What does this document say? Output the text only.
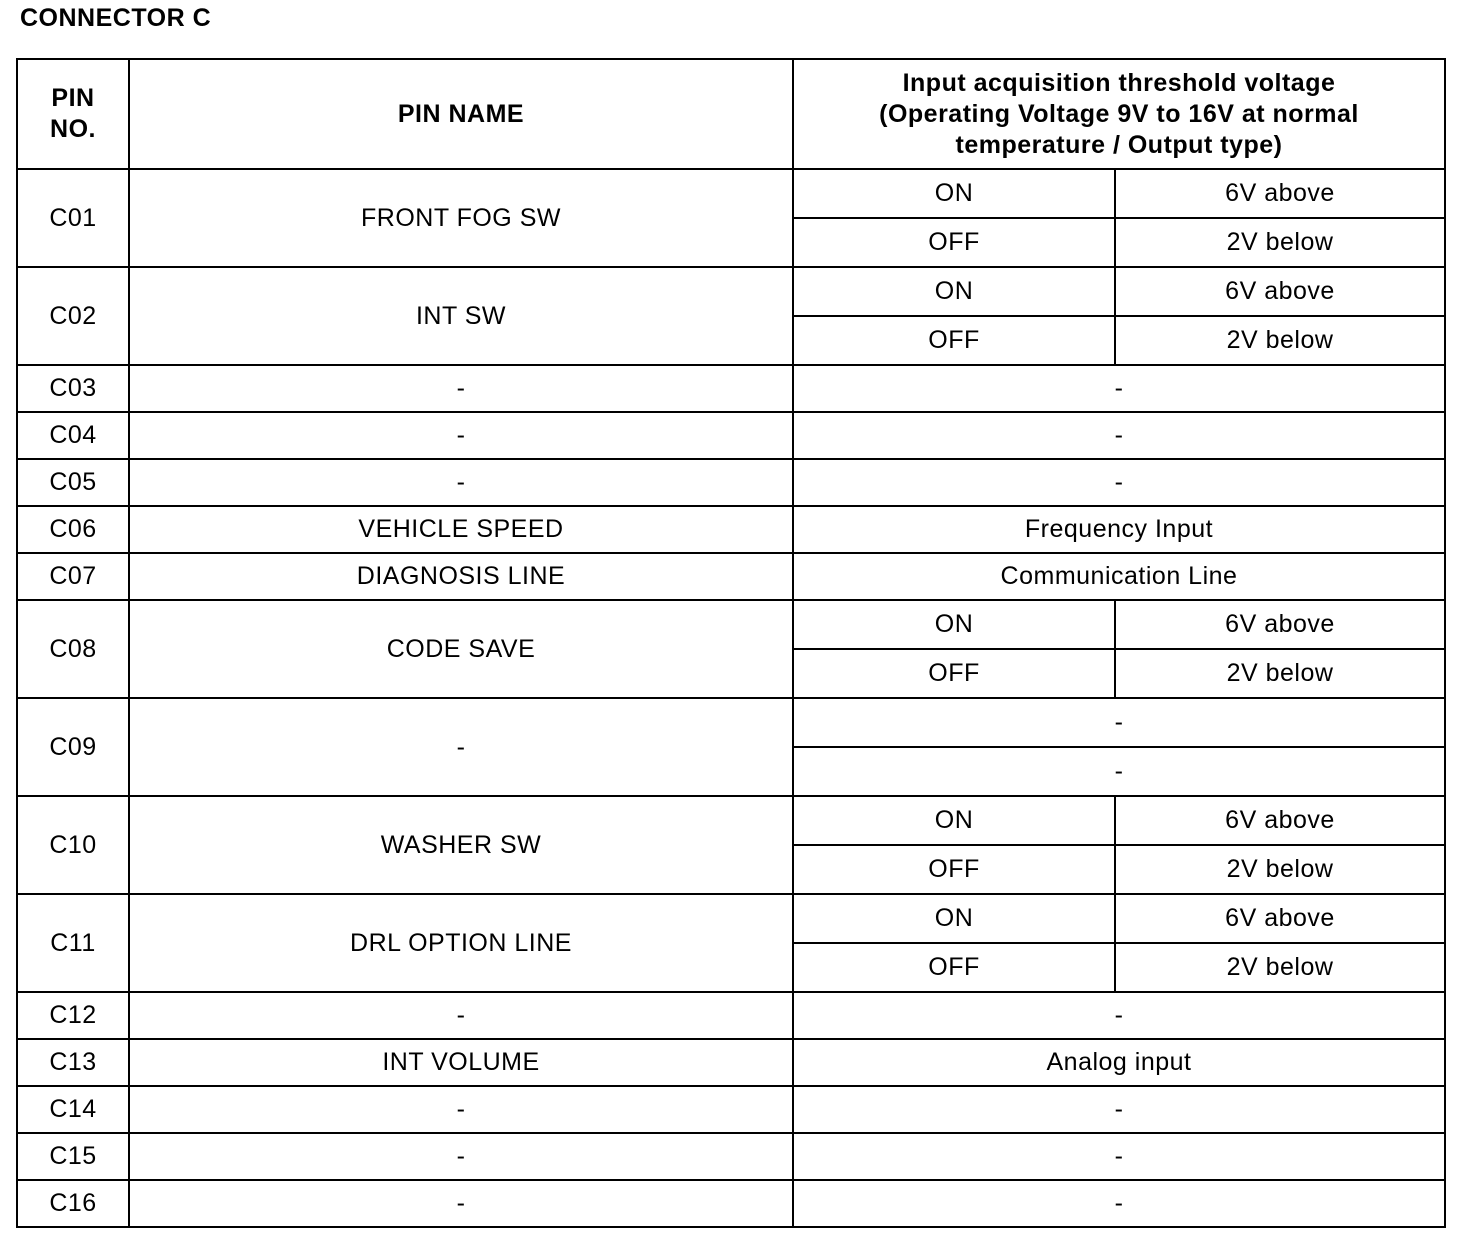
CONNECTOR C
PIN
NO.	PIN NAME	Input acquisition threshold voltage
(Operating Voltage 9V to 16V at normal
temperature / Output type)	
C01	FRONT FOG SW	ON	6V above
		OFF	2V below
C02	INT SW	ON	6V above
		OFF	2V below
C03	-	-	
C04	-	-	
C05	-	-	
C06	VEHICLE SPEED	Frequency Input	
C07	DIAGNOSIS LINE	Communication Line	
C08	CODE SAVE	ON	6V above
		OFF	2V below
C09	-	-	
		-	
C10	WASHER SW	ON	6V above
		OFF	2V below
C11	DRL OPTION LINE	ON	6V above
		OFF	2V below
C12	-	-	
C13	INT VOLUME	Analog input	
C14	-	-	
C15	-	-	
C16	-	-	
